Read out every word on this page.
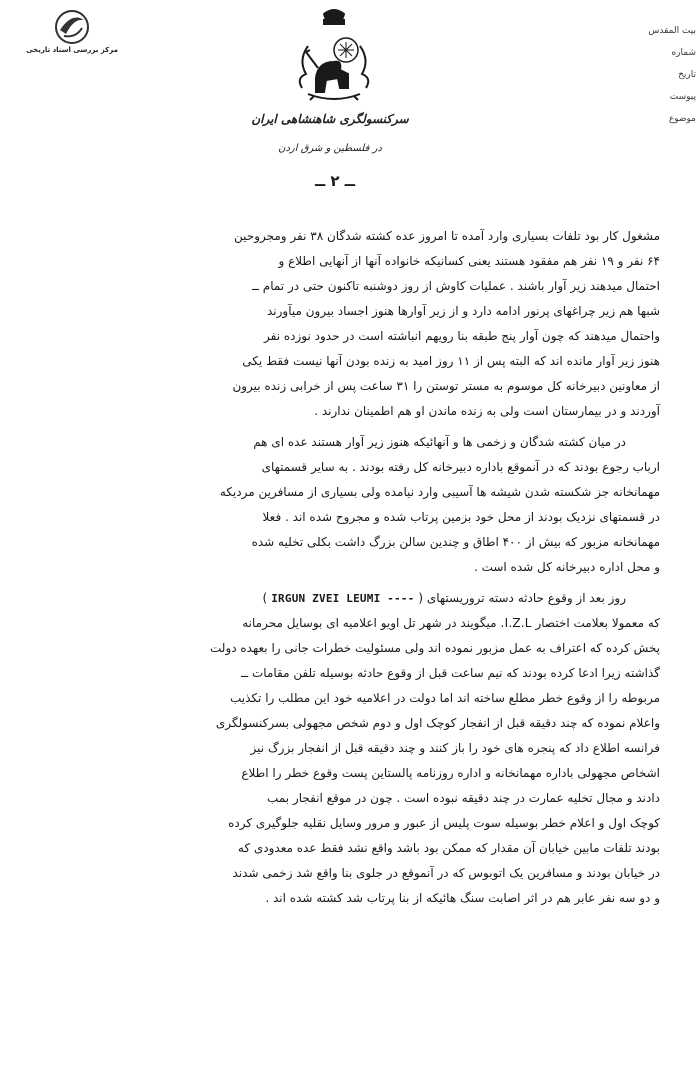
مرکز بررسی اسناد تاریخی
سرکنسولگری شاهنشاهی ایران
در فلسطین و شرق اردن
ــ ۲ ــ
بیت المقدس
شماره
تاریخ
پیوست
موضوع

مشغول کار بود تلفات بسیاری وارد آمده تا امروز عده کشته شدگان ۳۸ نفر ومجروحین

۶۴ نفر و ۱۹ نفر هم مفقود هستند یعنی کسانیکه خانواده آنها از آنهایی اطلاع و

احتمال میدهند زیر آوار باشند . عملیات کاوش از روز دوشنبه تاکنون حتی در تمام ــ

شبها هم زیر چراغهای پرنور ادامه دارد و از زیر آوارها هنوز اجساد بیرون میآورند

واحتمال میدهند که چون آوار پنج طبقه بنا رویهم انباشته است در حدود نوزده نفر

هنوز زیر آوار مانده اند که البته پس از ۱۱ روز امید به زنده بودن آنها نیست فقط یکی

از معاونین دبیرخانه کل موسوم به مستر توستن را ۳۱ ساعت پس از خرابی زنده بیرون

آوردند و در بیمارستان است ولی به زنده ماندن او هم اطمینان ندارند .

در میان کشته شدگان و زخمی ها و آنهائیکه هنوز زیر آوار هستند عده ای هم

ارباب رجوع بودند که در آنموقع باداره دبیرخانه کل رفته بودند . به سایر قسمتهای

مهمانخانه جز شکسته شدن شیشه ها آسیبی وارد نیامده ولی بسیاری از مسافرین مردیکه

در قسمتهای نزدیک بودند از محل خود بزمین پرتاب شده و مجروح شده اند . فعلا

مهمانخانه مزبور که بیش از ۴۰۰ اطاق و چندین سالن بزرگ داشت بکلی تخلیه شده

و محل اداره دبیرخانه کل شده است .

روز بعد از وقوع حادثه دسته تروریستهای ( IRGUN ZVEI LEUMI ---- )

که معمولا بعلامت اختصار I.Z.L. میگویند در شهر تل اویو اعلامیه ای بوسایل محرمانه

پخش کرده که اعتراف به عمل مزبور نموده اند ولی مسئولیت خطرات جانی را بعهده دولت

گذاشته زیرا ادعا کرده بودند که نیم ساعت قبل از وقوع حادثه بوسیله تلفن مقامات ــ

مربوطه را از وقوع خطر مطلع ساخته اند اما دولت در اعلامیه خود این مطلب را تکذیب

واعلام نموده که چند دقیقه قبل از انفجار کوچک اول و دوم شخص مجهولی بسرکنسولگری

فرانسه اطلاع داد که پنجره های خود را باز کنند و چند دقیقه قبل از انفجار بزرگ نیز

اشخاص مجهولی باداره مهمانخانه و اداره روزنامه پالستاین پست وقوع خطر را اطلاع

دادند و مجال تخلیه عمارت در چند دقیقه نبوده است . چون در موقع انفجار بمب

کوچک اول و اعلام خطر بوسیله سوت پلیس از عبور و مرور وسایل نقلیه جلوگیری کرده

بودند تلفات مابین خیابان آن مقدار که ممکن بود باشد واقع نشد فقط عده معدودی که

در خیابان بودند و مسافرین یک اتوبوس که در آنموقع در جلوی بنا واقع شد زخمی شدند

و دو سه نفر عابر هم در اثر اصابت سنگ هائیکه از بنا پرتاب شد کشته شده اند .
